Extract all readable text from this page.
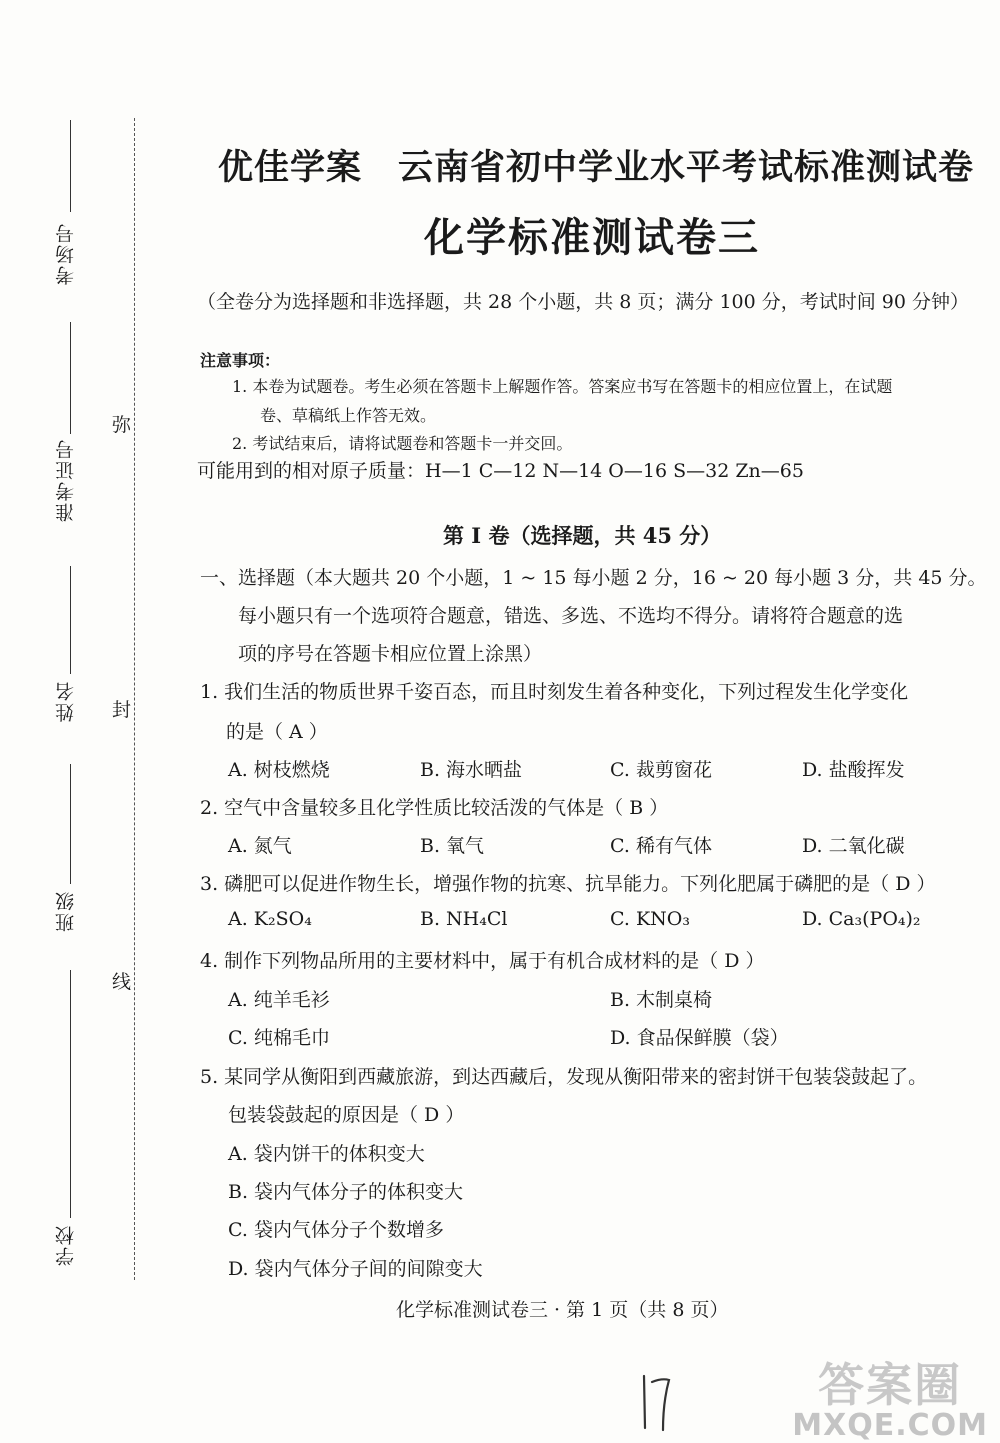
考场号
准考证号
姓名
班级
学校
弥
封
线
优佳学案　云南省初中学业水平考试标准测试卷
化学标准测试卷三
（全卷分为选择题和非选择题，共 28 个小题，共 8 页；满分 100 分，考试时间 90 分钟）
注意事项：
1. 本卷为试题卷。考生必须在答题卡上解题作答。答案应书写在答题卡的相应位置上，在试题
卷、草稿纸上作答无效。
2. 考试结束后，请将试题卷和答题卡一并交回。
可能用到的相对原子质量：H—1 C—12 N—14 O—16 S—32 Zn—65
第 I 卷（选择题，共 45 分）
一、选择题（本大题共 20 个小题，1 ~ 15 每小题 2 分，16 ~ 20 每小题 3 分，共 45 分。
每小题只有一个选项符合题意，错选、多选、不选均不得分。请将符合题意的选
项的序号在答题卡相应位置上涂黑）
1. 我们生活的物质世界千姿百态，而且时刻发生着各种变化，下列过程发生化学变化
的是（ A ）
A. 树枝燃烧	B. 海水晒盐	C. 裁剪窗花	D. 盐酸挥发
2. 空气中含量较多且化学性质比较活泼的气体是（ B ）
A. 氮气	B. 氧气	C. 稀有气体	D. 二氧化碳
3. 磷肥可以促进作物生长，增强作物的抗寒、抗旱能力。下列化肥属于磷肥的是（ D ）
A. K₂SO₄	B. NH₄Cl	C. KNO₃	D. Ca₃(PO₄)₂
4. 制作下列物品所用的主要材料中，属于有机合成材料的是（ D ）
A. 纯羊毛衫	B. 木制桌椅
C. 纯棉毛巾	D. 食品保鲜膜（袋）
5. 某同学从衡阳到西藏旅游，到达西藏后，发现从衡阳带来的密封饼干包装袋鼓起了。
包装袋鼓起的原因是（ D ）
A. 袋内饼干的体积变大
B. 袋内气体分子的体积变大
C. 袋内气体分子个数增多
D. 袋内气体分子间的间隙变大
化学标准测试卷三 · 第 1 页（共 8 页）
答案圈
MXQE.COM
